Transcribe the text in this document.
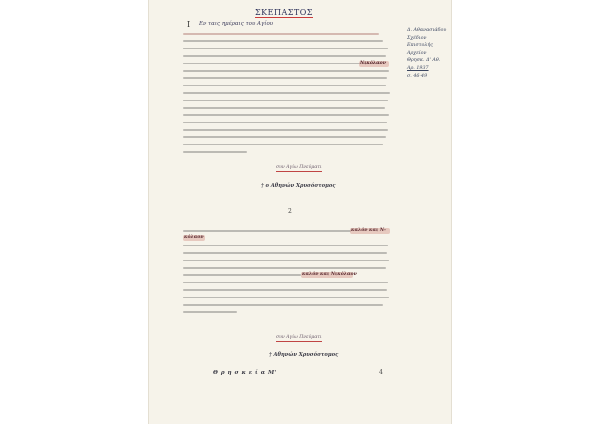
ΣΚΕΠΑΣΤΟΣ
Ι Εν ταις ημέραις του Αγίου
Δ. Αθανασιάδου
Σχέδιον Επιστολής
Αρχείον
Θρησκ. Δ' Αθ.
Αρ. 1937
σ. 46-49
Νικόλαον
συν Αγίω Πνεύματι
† ο Αθηνών Χρυσόστομος
2
καλόν και Ν-
κόλαον
καλόν και Νικόλαον
συν Αγίω Πνεύματι
† Αθηνών Χρυσόστομος
Θ ρ η σ κ ε ί α Μ'	4
